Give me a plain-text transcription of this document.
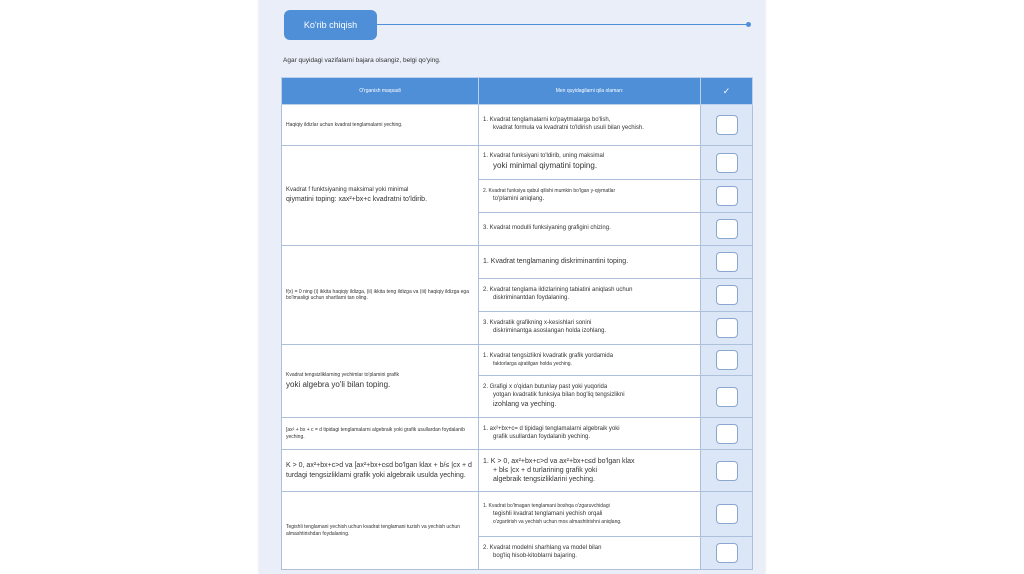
Ko'rib chiqish
Agar quyidagi vazifalarni bajara olsangiz, belgi qo'ying.
O'rganish maqsadi	Men quyidagilarni qila olaman:	✓
Haqiqiy ildizlar uchun kvadrat tenglamalarni yeching.	1. Kvadrat tenglamalarni ko'paytmalarga bo'lish,
kvadrat formula va kvadratni to'ldirish usuli bilan yechish.	

Kvadrat f funktsiyaning maksimal yoki minimal
qiymatini toping: xax²+bx+c kvadratni to'ldirib.	1. Kvadrat funksiyani to'ldirib, uning maksimal
yoki minimal qiymatini toping.	

	2. Kvadrat funksiya qabul qilishi mumkin bo'lgan y-qiymatlar
to'plamini aniqlang.	

	3. Kvadrat modulli funksiyaning grafigini chizing.	
f(x) = 0 ning (i) ikkita haqiqiy ildizga, (ii) ikkita teng ildizga va (iii) haqiqiy ildizga ega bo'lmasligi uchun shartlarni tan oling.	1. Kvadrat tenglamaning diskriminantini toping.	
	2. Kvadrat tenglama ildizlarining tabiatini aniqlash uchun
diskriminantdan foydalaning.	

	3. Kvadratik grafikning x-kesishlari sonini
diskriminantga asoslangan holda izohlang.	

Kvadrat tengsizliklarning yechimlar to'plamini grafik
yoki algebra yo'li bilan toping.	1. Kvadrat tengsizlikni kvadratik grafik yordamida
faktorlarga ajratilgan holda yeching.	

	2. Grafigi x o'qidan butunlay past yoki yuqorida
yotgan kvadratik funksiya bilan bog'liq tengsizlikni
izohlang va yeching.	

[ax² + bx + c = d tipidagi tenglamalarni algebraik yoki grafik usullardan foydalanib yeching.	1. ax²+bx+c= d tipidagi tenglamalarni algebraik yoki
grafik usullardan foydalanib yeching.	

K > 0, ax²+bx+c>d va [ax²+bx+c≤d bo'lgan klax + b/≤ |cx + d turdagi tengsizliklarni grafik yoki algebraik usulda yeching.	1. K > 0, ax²+bx+c>d va ax²+bx+c≤d bo'lgan klax
+ bl≤ |cx + d turlarining grafik yoki
algebraik tengsizliklarini yeching.	

Tegishli tenglamani yechish uchun kvadrat tenglamani tuzish va yechish uchun almashtirishdan foydalaning.	1. Kvadrat bo'lmagan tenglamani boshqa o'zgaruvchidagi
tegishli kvadrat tenglamani yechish orqali
o'zgartirish va yechish uchun mos almashtirishni aniqlang.	

	2. Kvadrat modelni sharhlang va model bilan
bog'liq hisob-kitoblarni bajaring.	
